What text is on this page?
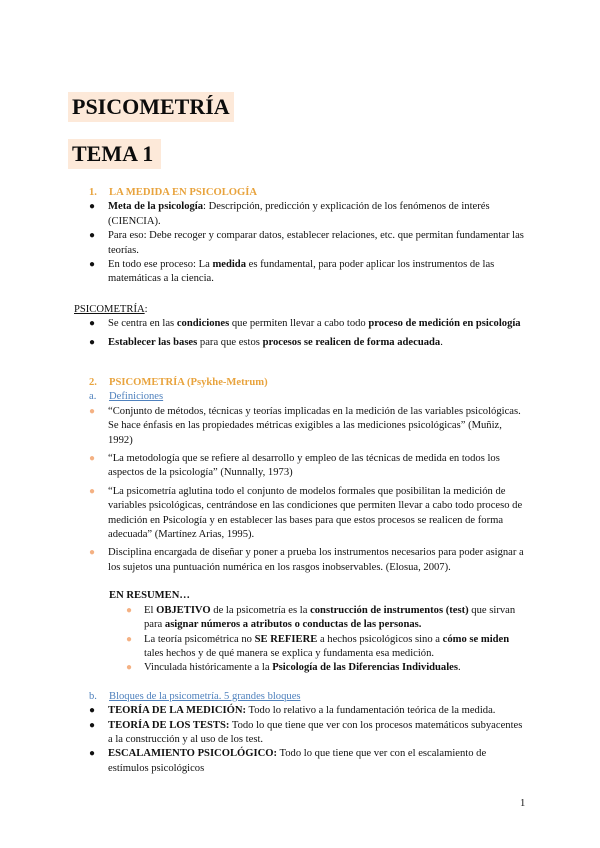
PSICOMETRÍA
TEMA 1
1. LA MEDIDA EN PSICOLOGÍA
● Meta de la psicología: Descripción, predicción y explicación de los fenómenos de interés (CIENCIA).
● Para eso: Debe recoger y comparar datos, establecer relaciones, etc. que permitan fundamentar las teorías.
● En todo ese proceso: La medida es fundamental, para poder aplicar los instrumentos de las matemáticas a la ciencia.
PSICOMETRÍA:
● Se centra en las condiciones que permiten llevar a cabo todo proceso de medición en psicología
● Establecer las bases para que estos procesos se realicen de forma adecuada.
2. PSICOMETRÍA (Psykhe-Metrum)
a. Definiciones
● “Conjunto de métodos, técnicas y teorías implicadas en la medición de las variables psicológicas. Se hace énfasis en las propiedades métricas exigibles a las mediciones psicológicas” (Muñiz, 1992)
● “La metodología que se refiere al desarrollo y empleo de las técnicas de medida en todos los aspectos de la psicología” (Nunnally, 1973)
● “La psicometría aglutina todo el conjunto de modelos formales que posibilitan la medición de variables psicológicas, centrándose en las condiciones que permiten llevar a cabo todo proceso de medición en Psicología y en establecer las bases para que estos procesos se realicen de forma adecuada” (Martínez Arias, 1995).
● Disciplina encargada de diseñar y poner a prueba los instrumentos necesarios para poder asignar a los sujetos una puntuación numérica en los rasgos inobservables. (Elosua, 2007).
EN RESUMEN…
● El OBJETIVO de la psicometría es la construcción de instrumentos (test) que sirvan para asignar números a atributos o conductas de las personas.
● La teoría psicométrica no SE REFIERE a hechos psicológicos sino a cómo se miden tales hechos y de qué manera se explica y fundamenta esa medición.
● Vinculada históricamente a la Psicología de las Diferencias Individuales.
b. Bloques de la psicometría. 5 grandes bloques
● TEORÍA DE LA MEDICIÓN: Todo lo relativo a la fundamentación teórica de la medida.
● TEORÍA DE LOS TESTS: Todo lo que tiene que ver con los procesos matemáticos subyacentes a la construcción y al uso de los test.
● ESCALAMIENTO PSICOLÓGICO: Todo lo que tiene que ver con el escalamiento de estímulos psicológicos
1
